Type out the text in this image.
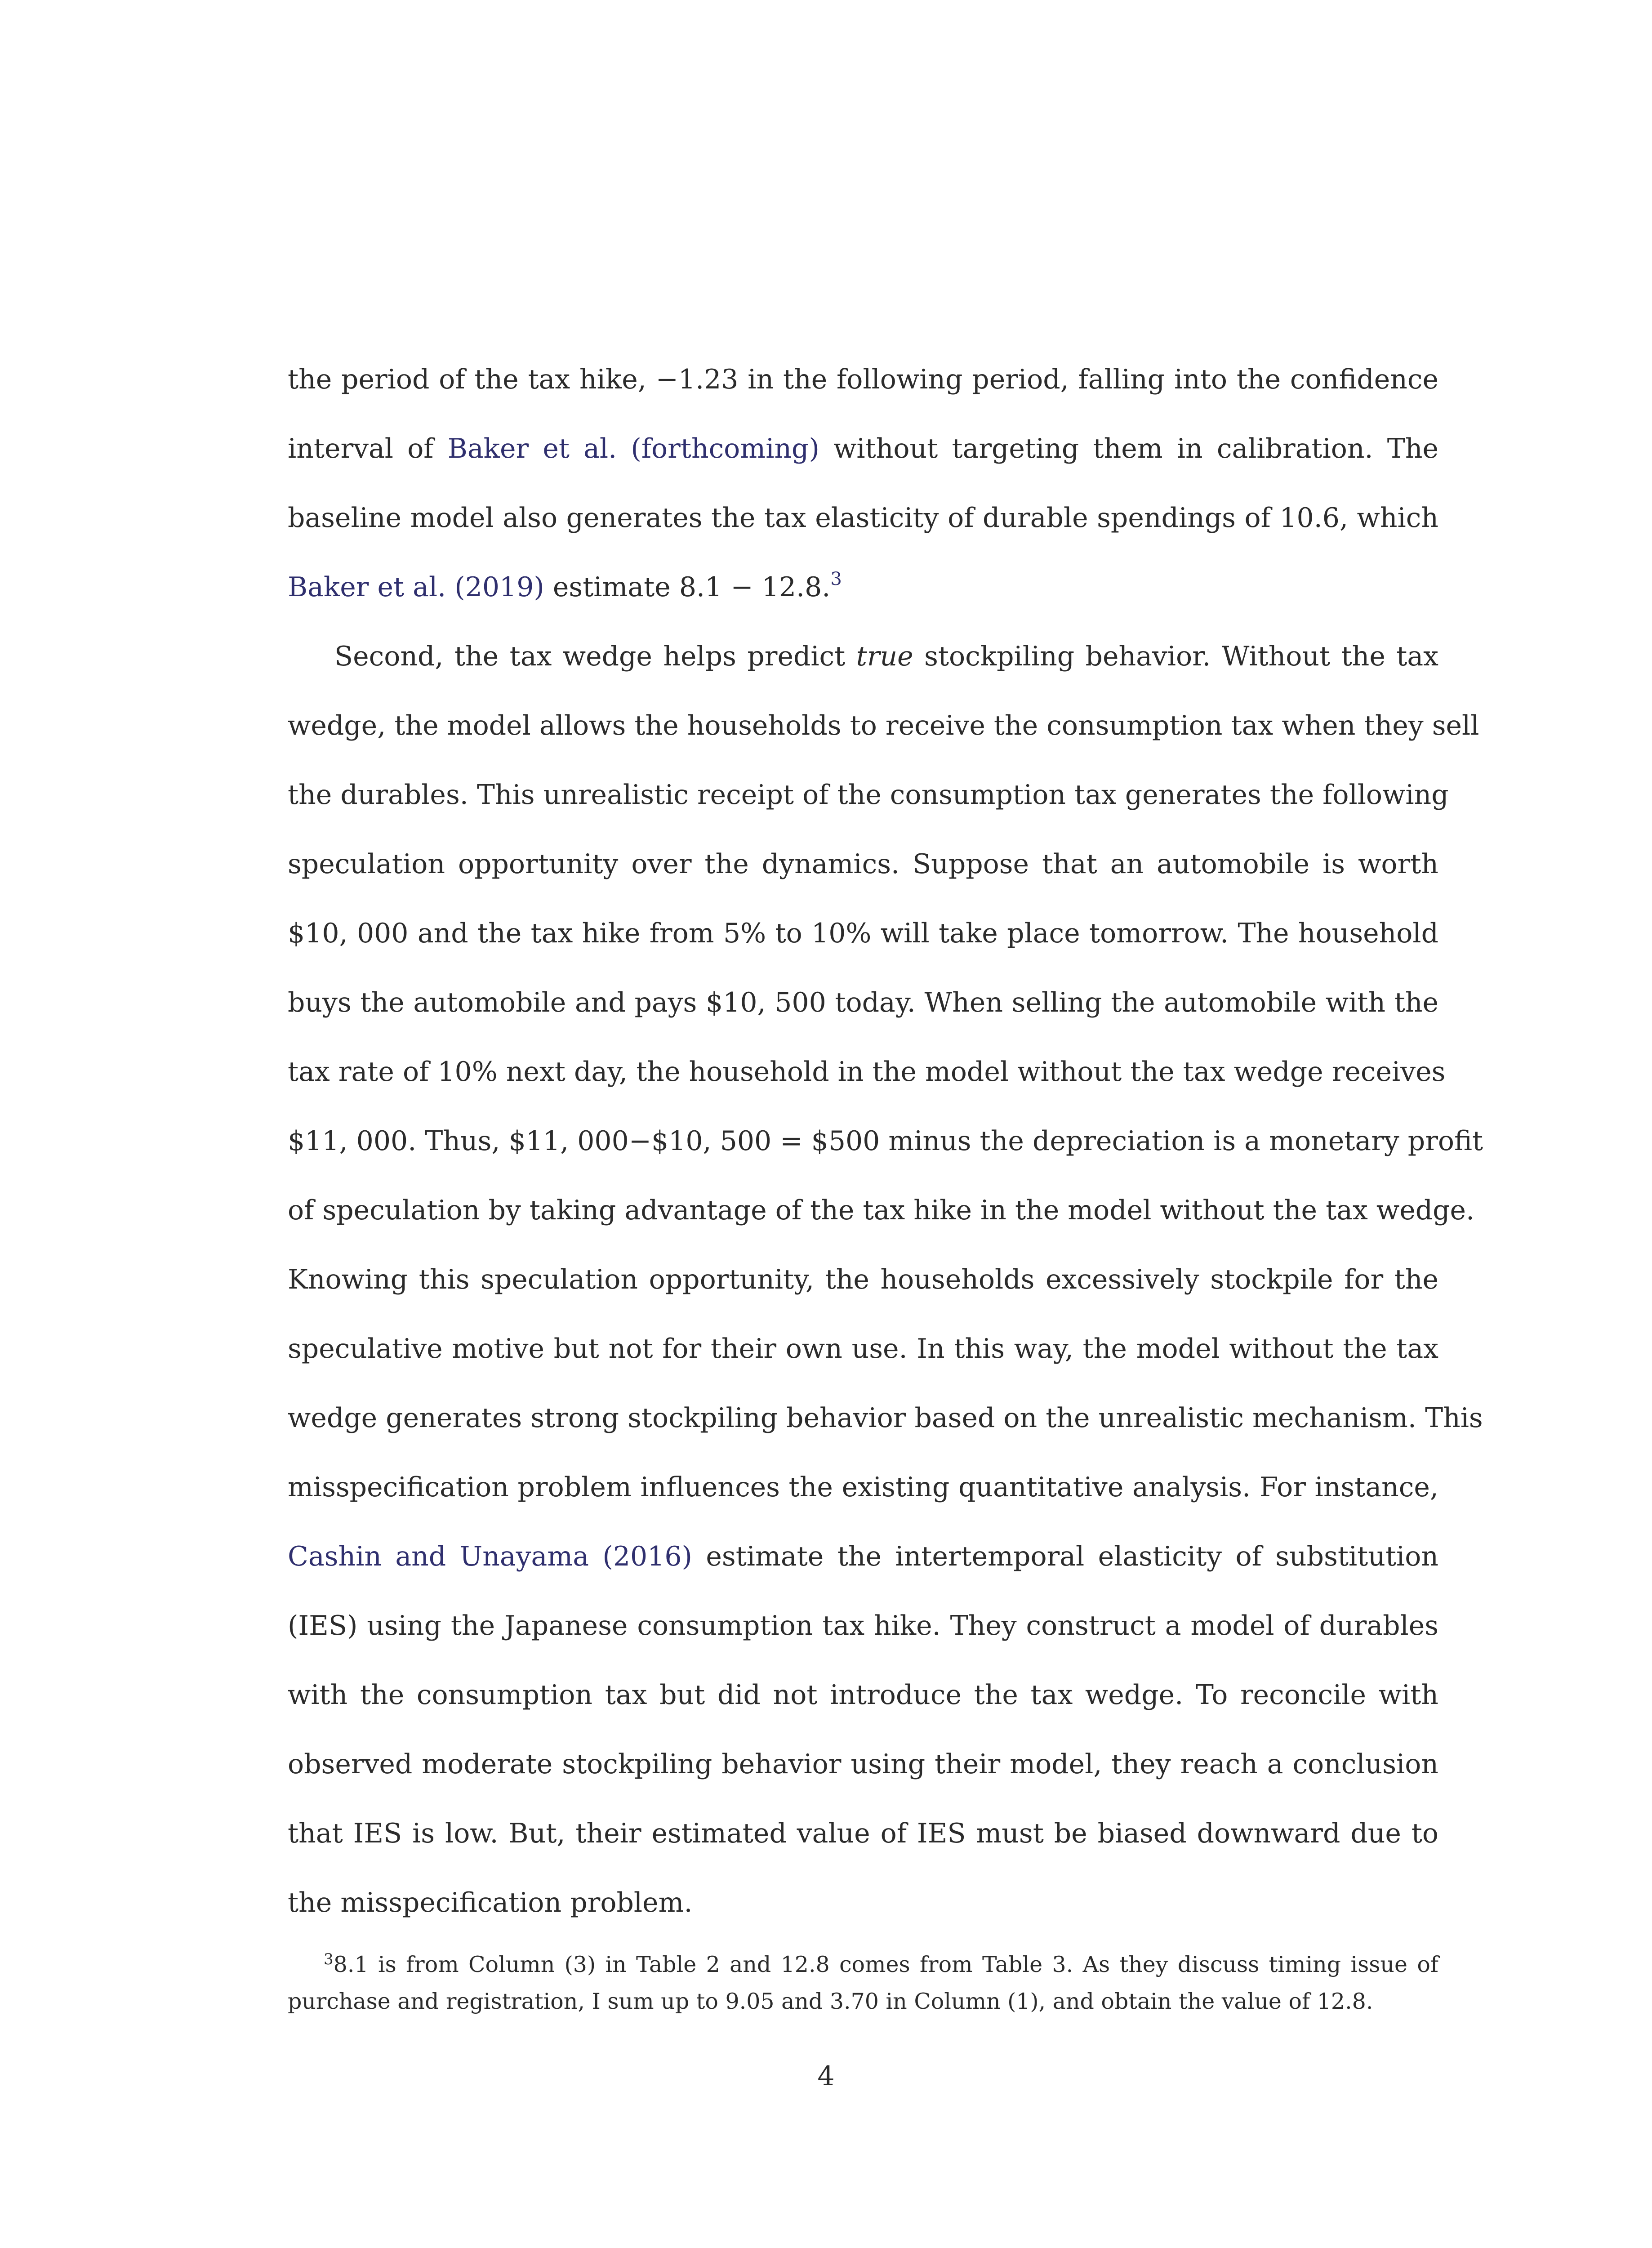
the period of the tax hike, −1.23 in the following period, falling into the confidence
interval of Baker et al. (forthcoming) without targeting them in calibration. The
baseline model also generates the tax elasticity of durable spendings of 10.6, which
Baker et al. (2019) estimate 8.1 − 12.8.$^3$
Second, the tax wedge helps predict true stockpiling behavior. Without the tax
wedge, the model allows the households to receive the consumption tax when they sell
the durables. This unrealistic receipt of the consumption tax generates the following
speculation opportunity over the dynamics. Suppose that an automobile is worth
$10, 000 and the tax hike from 5% to 10% will take place tomorrow. The household
buys the automobile and pays $10, 500 today. When selling the automobile with the
tax rate of 10% next day, the household in the model without the tax wedge receives
$11, 000. Thus, $11, 000−$10, 500 = $500 minus the depreciation is a monetary profit
of speculation by taking advantage of the tax hike in the model without the tax wedge.
Knowing this speculation opportunity, the households excessively stockpile for the
speculative motive but not for their own use. In this way, the model without the tax
wedge generates strong stockpiling behavior based on the unrealistic mechanism. This
misspecification problem influences the existing quantitative analysis. For instance,
Cashin and Unayama (2016) estimate the intertemporal elasticity of substitution
(IES) using the Japanese consumption tax hike. They construct a model of durables
with the consumption tax but did not introduce the tax wedge. To reconcile with
observed moderate stockpiling behavior using their model, they reach a conclusion
that IES is low. But, their estimated value of IES must be biased downward due to
the misspecification problem.
$^3$8.1 is from Column (3) in Table 2 and 12.8 comes from Table 3. As they discuss timing issue of
purchase and registration, I sum up to 9.05 and 3.70 in Column (1), and obtain the value of 12.8.
4
